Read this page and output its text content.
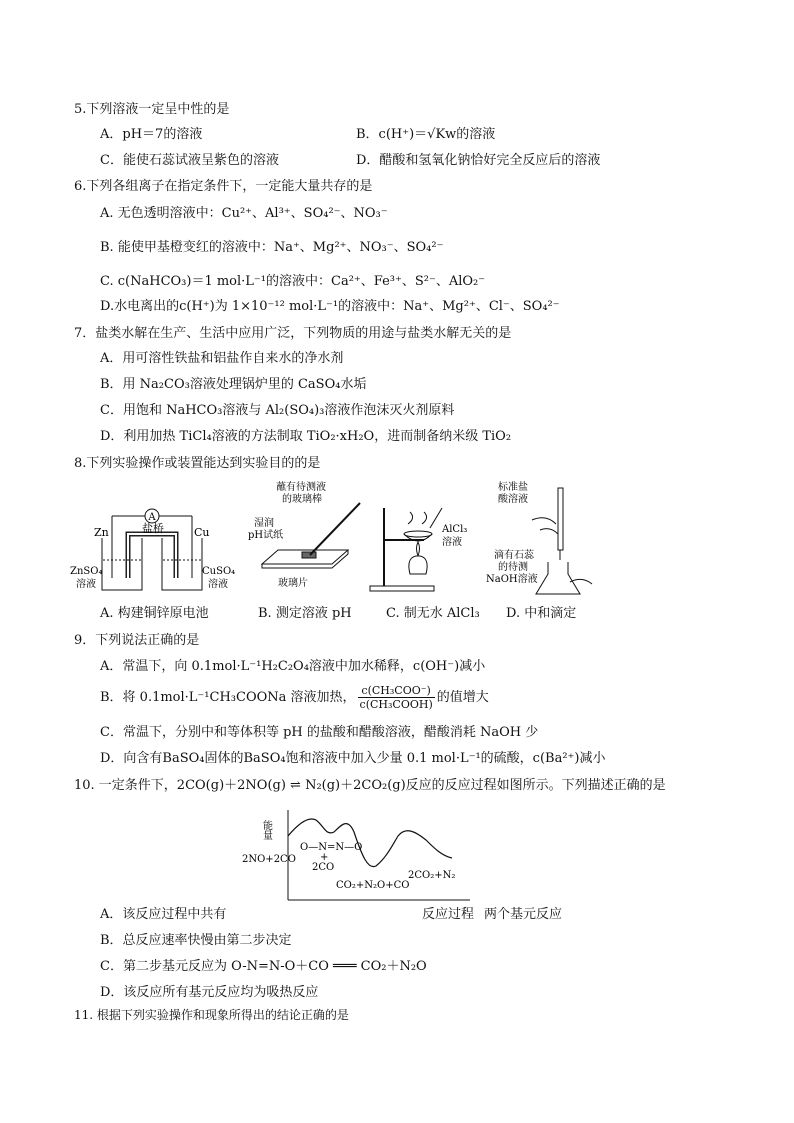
5.下列溶液一定呈中性的是
A．pH＝7的溶液	B．c(H⁺)＝√Kw的溶液
C．能使石蕊试液呈紫色的溶液	D．醋酸和氢氧化钠恰好完全反应后的溶液
6.下列各组离子在指定条件下，一定能大量共存的是
A. 无色透明溶液中：Cu²⁺、Al³⁺、SO₄²⁻、NO₃⁻
B. 能使甲基橙变红的溶液中：Na⁺、Mg²⁺、NO₃⁻、SO₄²⁻
C. c(NaHCO₃)＝1 mol·L⁻¹的溶液中：Ca²⁺、Fe³⁺、S²⁻、AlO₂⁻
D.水电离出的c(H⁺)为 1×10⁻¹² mol·L⁻¹的溶液中：Na⁺、Mg²⁺、Cl⁻、SO₄²⁻
7．盐类水解在生产、生活中应用广泛，下列物质的用途与盐类水解无关的是
A．用可溶性铁盐和铝盐作自来水的净水剂
B．用 Na₂CO₃溶液处理锅炉里的 CaSO₄水垢
C．用饱和 NaHCO₃溶液与 Al₂(SO₄)₃溶液作泡沫灭火剂原料
D．利用加热 TiCl₄溶液的方法制取 TiO₂·xH₂O，进而制备纳米级 TiO₂
8.下列实验操作或装置能达到实验目的的是
A
Zn	Cu
盐桥
ZnSO₄
溶液
CuSO₄
溶液
蘸有待测液
的玻璃棒
湿润
pH试纸
玻璃片
AlCl₃
溶液
标准盐
酸溶液
滴有石蕊
的待测
NaOH溶液
A. 构建铜锌原电池	B. 测定溶液 pH	C. 制无水 AlCl₃ D. 中和滴定
9．下列说法正确的是
A．常温下，向 0.1mol·L⁻¹H₂C₂O₄溶液中加水稀释，c(OH⁻)减小
B．将 0.1mol·L⁻¹CH₃COONa 溶液加热， $\frac{\text{c(CH₃COO⁻)}}{\text{c(CH₃COOH)}}$ 的值增大
C．常温下，分别中和等体积等 pH 的盐酸和醋酸溶液，醋酸消耗 NaOH 少
D．向含有BaSO₄固体的BaSO₄饱和溶液中加入少量 0.1 mol·L⁻¹的硫酸，c(Ba²⁺)减小
10. 一定条件下，2CO(g)＋2NO(g) ⇌ N₂(g)＋2CO₂(g)反应的反应过程如图所示。下列描述正确的是
能量
2NO+2CO
O—N=N—O
+
2CO
CO₂+N₂O+CO
2CO₂+N₂
A．该反应过程中共有	反应过程 两个基元反应
B．总反应速率快慢由第二步决定
C．第二步基元反应为 O-N=N-O＋CO ═══ CO₂＋N₂O
D．该反应所有基元反应均为吸热反应
11. 根据下列实验操作和现象所得出的结论正确的是
